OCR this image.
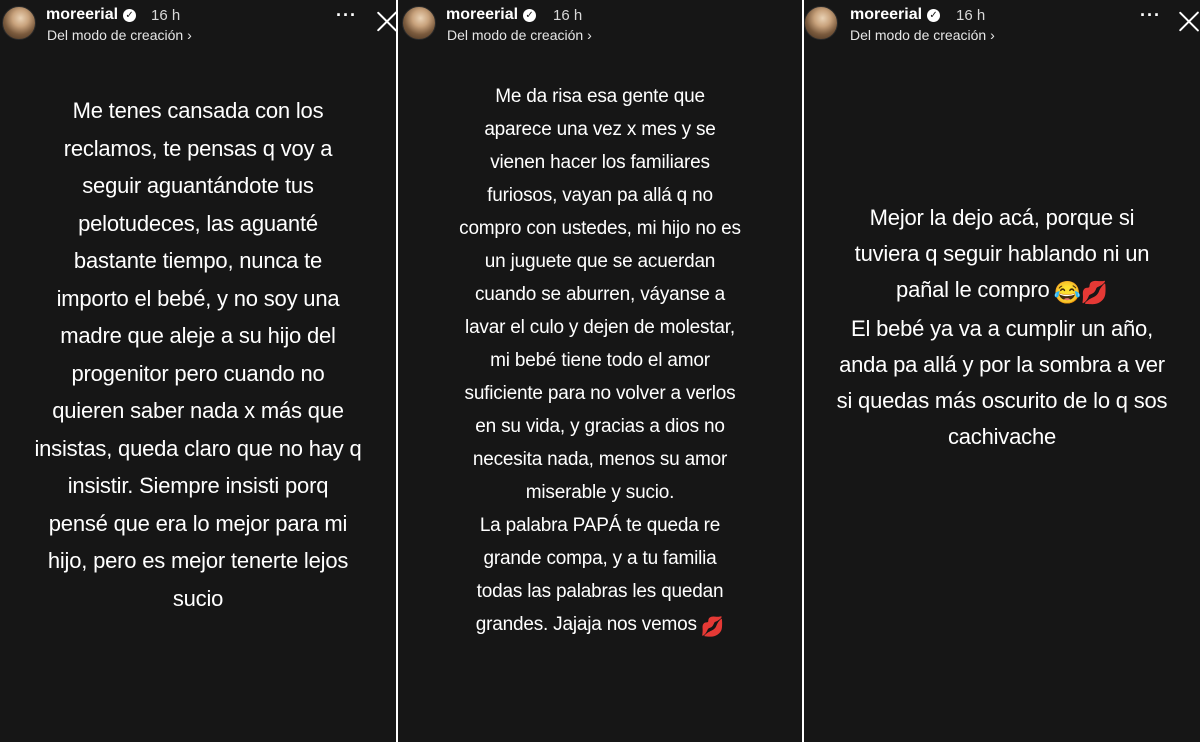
moreerial ✓ 16 h
Del modo de creación ›
···
Me tenes cansada con los
reclamos, te pensas q voy a
seguir aguantándote tus
pelotudeces, las aguanté
bastante tiempo, nunca te
importo el bebé, y no soy una
madre que aleje a su hijo del
progenitor pero cuando no
quieren saber nada x más que
insistas, queda claro que no hay q
insistir. Siempre insisti porq
pensé que era lo mejor para mi
hijo, pero es mejor tenerte lejos
sucio
moreerial ✓ 16 h
Del modo de creación ›
Me da risa esa gente que
aparece una vez x mes y se
vienen hacer los familiares
furiosos, vayan pa allá q no
compro con ustedes, mi hijo no es
un juguete que se acuerdan
cuando se aburren, váyanse a
lavar el culo y dejen de molestar,
mi bebé tiene todo el amor
suficiente para no volver a verlos
en su vida, y gracias a dios no
necesita nada, menos su amor
miserable y sucio.
La palabra PAPÁ te queda re
grande compa, y a tu familia
todas las palabras les quedan
grandes. Jajaja nos vemos 💋
moreerial ✓ 16 h
Del modo de creación ›
···
Mejor la dejo acá, porque si
tuviera q seguir hablando ni un
pañal le compro 😂💋
El bebé ya va a cumplir un año,
anda pa allá y por la sombra a ver
si quedas más oscurito de lo q sos
cachivache
